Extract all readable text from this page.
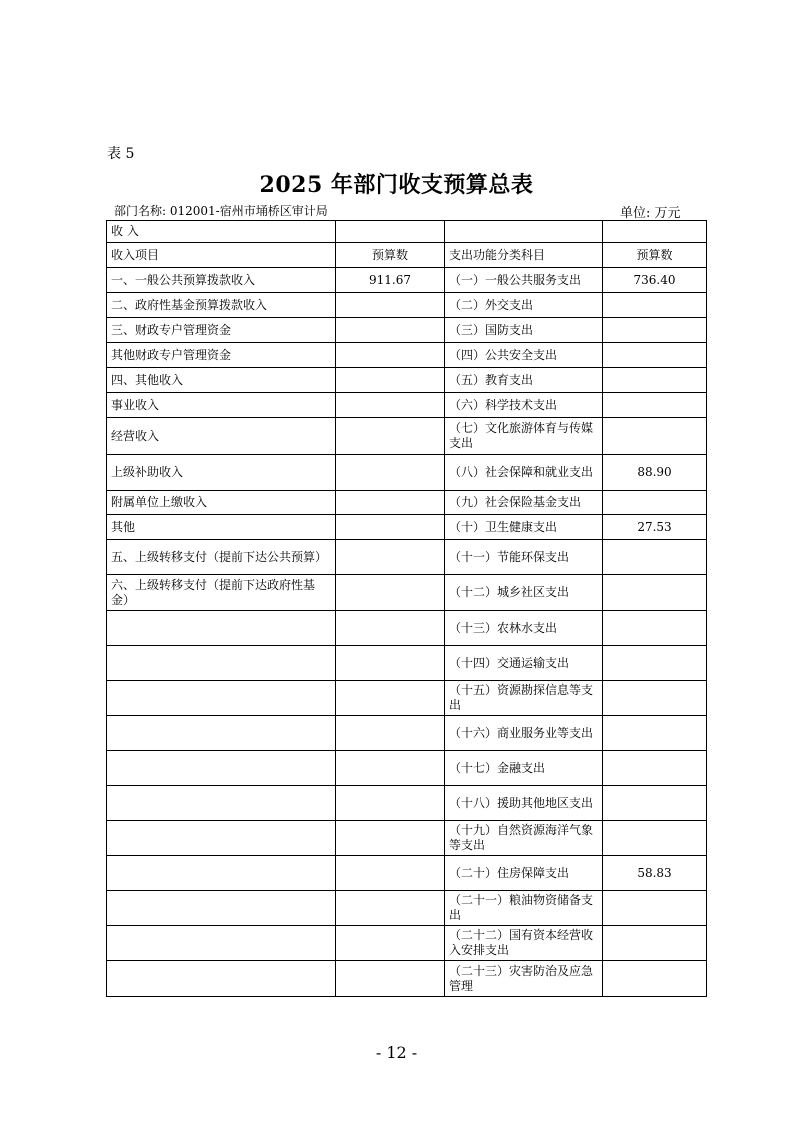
表 5
2025 年部门收支预算总表
部门名称: 012001-宿州市埇桥区审计局	单位: 万元
收 入			
收入项目	预算数	支出功能分类科目	预算数
一、一般公共预算拨款收入	911.67	（一）一般公共服务支出	736.40
二、政府性基金预算拨款收入		（二）外交支出	
三、财政专户管理资金		（三）国防支出	
其他财政专户管理资金		（四）公共安全支出	
四、其他收入		（五）教育支出	
事业收入		（六）科学技术支出	
经营收入		（七）文化旅游体育与传媒支出	
上级补助收入		（八）社会保障和就业支出	88.90
附属单位上缴收入		（九）社会保险基金支出	
其他		（十）卫生健康支出	27.53
五、上级转移支付（提前下达公共预算）		（十一）节能环保支出	
六、上级转移支付（提前下达政府性基金）		（十二）城乡社区支出	
		（十三）农林水支出	
		（十四）交通运输支出	
		（十五）资源勘探信息等支出	
		（十六）商业服务业等支出	
		（十七）金融支出	
		（十八）援助其他地区支出	
		（十九）自然资源海洋气象等支出	
		（二十）住房保障支出	58.83
		（二十一）粮油物资储备支出	
		（二十二）国有资本经营收入安排支出	
		（二十三）灾害防治及应急管理	
- 12 -
